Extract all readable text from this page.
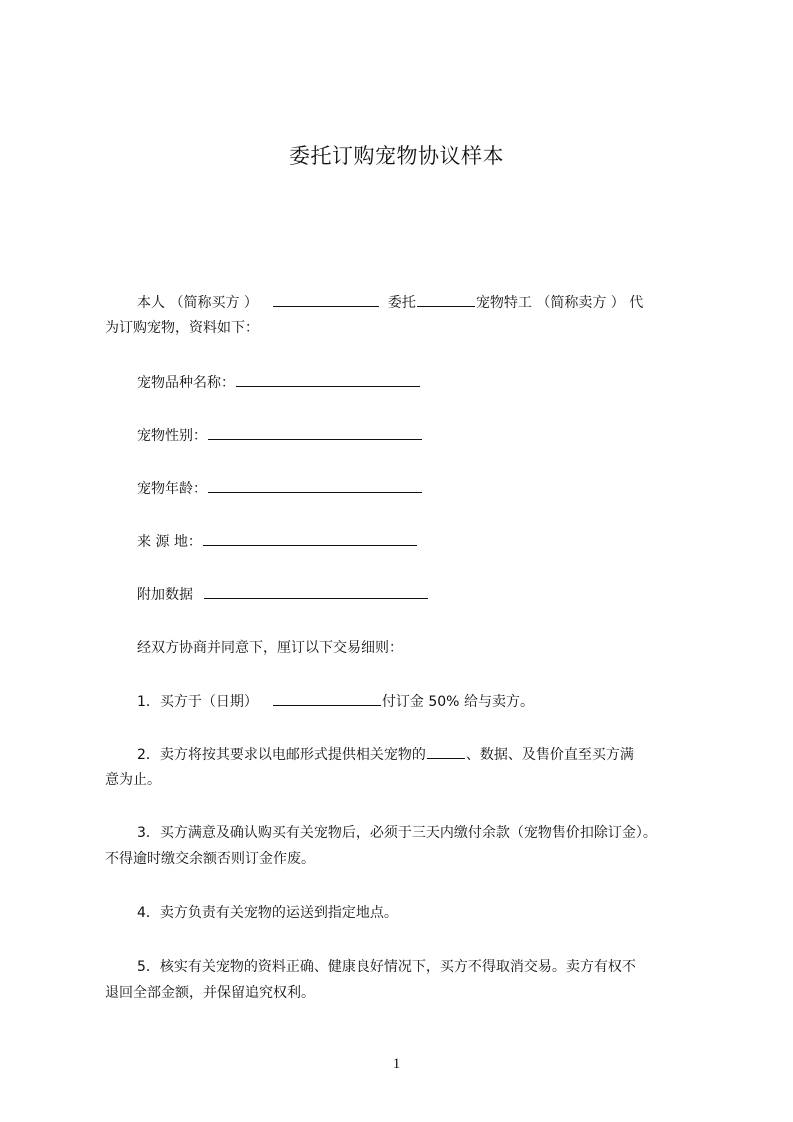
委托订购宠物协议样本
本人 （简称买方 ）	委托	宠物特工 （简称卖方 ） 代
为订购宠物，资料如下：
宠物品种名称：
宠物性别：
宠物年龄：
来 源 地：
附加数据
经双方协商并同意下，厘订以下交易细则：
1．买方于（日期）	付订金 50% 给与卖方。
2．卖方将按其要求以电邮形式提供相关宠物的	、数据、及售价直至买方满
意为止。
3．买方满意及确认购买有关宠物后，必须于三天内缴付余款（宠物售价扣除订金）。
不得逾时缴交余额否则订金作废。
4．卖方负责有关宠物的运送到指定地点。
5．核实有关宠物的资料正确、健康良好情况下，买方不得取消交易。卖方有权不
退回全部金额，并保留追究权利。
1
